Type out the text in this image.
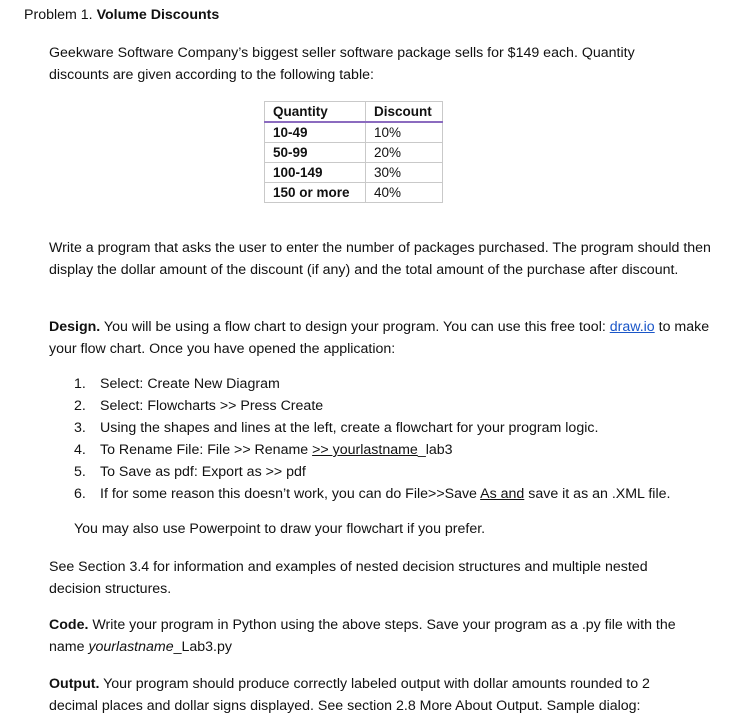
Problem 1. Volume Discounts
Geekware Software Company’s biggest seller software package sells for $149 each. Quantity discounts are given according to the following table:
Quantity	Discount
10-49	10%
50-99	20%
100-149	30%
150 or more	40%
Write a program that asks the user to enter the number of packages purchased. The program should then display the dollar amount of the discount (if any) and the total amount of the purchase after discount.
Design. You will be using a flow chart to design your program. You can use this free tool: draw.io to make your flow chart. Once you have opened the application:
1. Select: Create New Diagram
2. Select: Flowcharts >> Press Create
3. Using the shapes and lines at the left, create a flowchart for your program logic.
4. To Rename File: File >> Rename >> yourlastname_lab3
5. To Save as pdf: Export as >> pdf
6. If for some reason this doesn’t work, you can do File>>Save As and save it as an .XML file.
You may also use Powerpoint to draw your flowchart if you prefer.
See Section 3.4 for information and examples of nested decision structures and multiple nested decision structures.
Code. Write your program in Python using the above steps. Save your program as a .py file with the name yourlastname_Lab3.py
Output. Your program should produce correctly labeled output with dollar amounts rounded to 2 decimal places and dollar signs displayed. See section 2.8 More About Output. Sample dialog:
